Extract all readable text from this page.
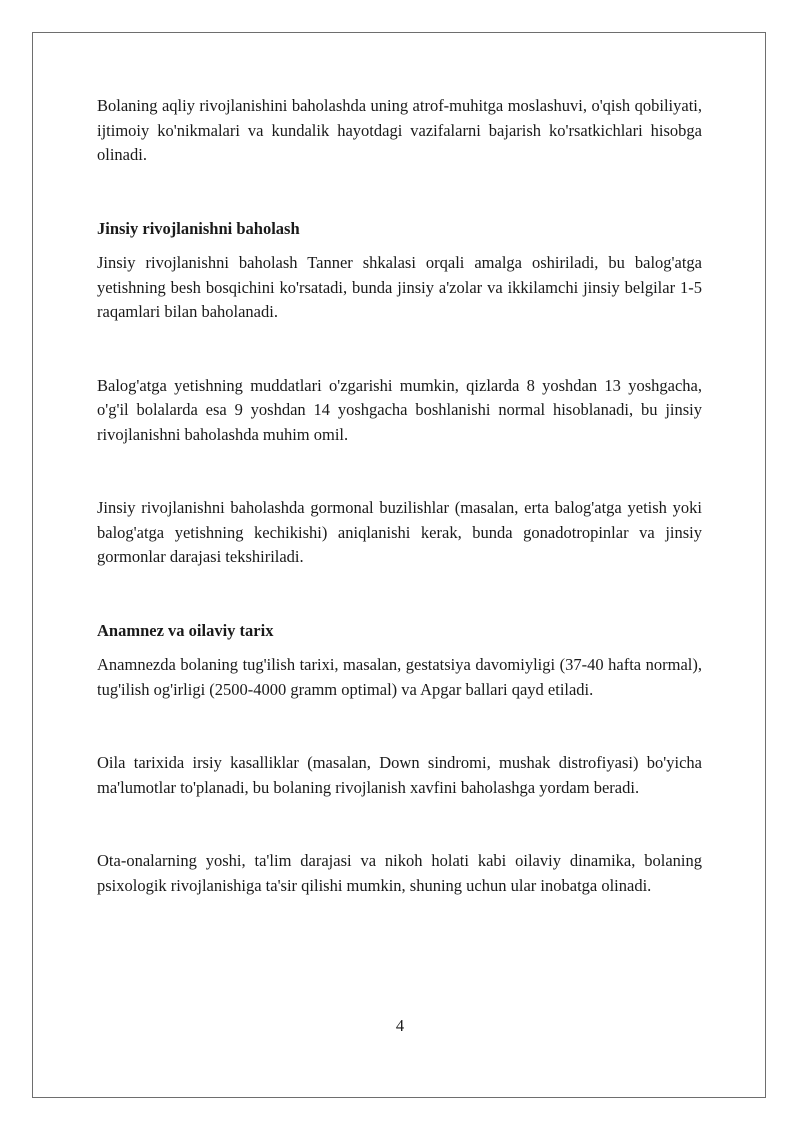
Bolaning aqliy rivojlanishini baholashda uning atrof-muhitga moslashuvi, o'qish qobiliyati, ijtimoiy ko'nikmalari va kundalik hayotdagi vazifalarni bajarish ko'rsatkichlari hisobga olinadi.

Jinsiy rivojlanishni baholash

Jinsiy rivojlanishni baholash Tanner shkalasi orqali amalga oshiriladi, bu balog'atga yetishning besh bosqichini ko'rsatadi, bunda jinsiy a'zolar va ikkilamchi jinsiy belgilar 1-5 raqamlari bilan baholanadi.

Balog'atga yetishning muddatlari o'zgarishi mumkin, qizlarda 8 yoshdan 13 yoshgacha, o'g'il bolalarda esa 9 yoshdan 14 yoshgacha boshlanishi normal hisoblanadi, bu jinsiy rivojlanishni baholashda muhim omil.

Jinsiy rivojlanishni baholashda gormonal buzilishlar (masalan, erta balog'atga yetish yoki balog'atga yetishning kechikishi) aniqlanishi kerak, bunda gonadotropinlar va jinsiy gormonlar darajasi tekshiriladi.

Anamnez va oilaviy tarix

Anamnezda bolaning tug'ilish tarixi, masalan, gestatsiya davomiyligi (37-40 hafta normal), tug'ilish og'irligi (2500-4000 gramm optimal) va Apgar ballari qayd etiladi.

Oila tarixida irsiy kasalliklar (masalan, Down sindromi, mushak distrofiyasi) bo'yicha ma'lumotlar to'planadi, bu bolaning rivojlanish xavfini baholashga yordam beradi.

Ota-onalarning yoshi, ta'lim darajasi va nikoh holati kabi oilaviy dinamika, bolaning psixologik rivojlanishiga ta'sir qilishi mumkin, shuning uchun ular inobatga olinadi.

4
